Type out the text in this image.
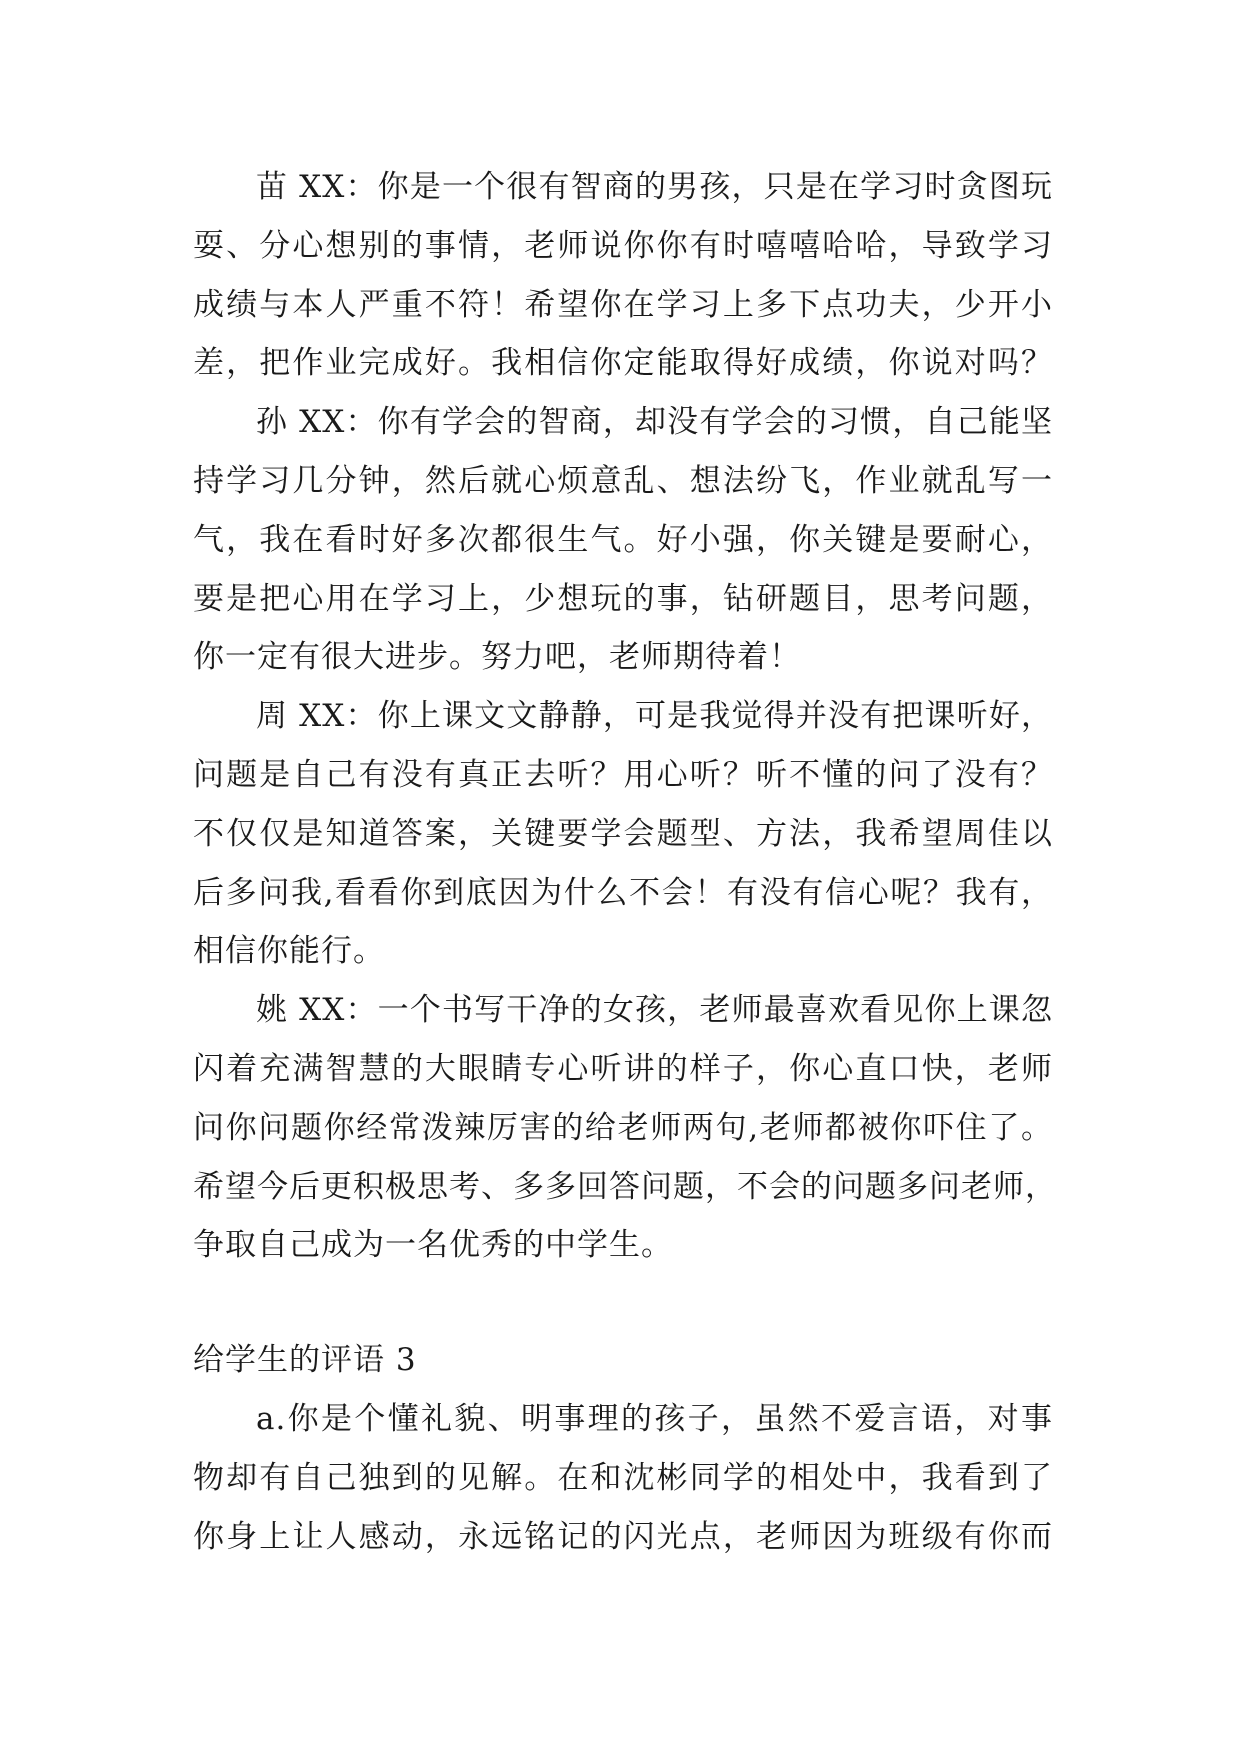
苗 XX：你是一个很有智商的男孩，只是在学习时贪图玩
耍、分心想别的事情，老师说你你有时嘻嘻哈哈，导致学习
成绩与本人严重不符！希望你在学习上多下点功夫，少开小
差，把作业完成好。我相信你定能取得好成绩，你说对吗？
孙 XX：你有学会的智商，却没有学会的习惯，自己能坚
持学习几分钟，然后就心烦意乱、想法纷飞，作业就乱写一
气，我在看时好多次都很生气。好小强，你关键是要耐心，
要是把心用在学习上，少想玩的事，钻研题目，思考问题，
你一定有很大进步。努力吧，老师期待着！
周 XX：你上课文文静静，可是我觉得并没有把课听好，
问题是自己有没有真正去听？用心听？听不懂的问了没有？
不仅仅是知道答案，关键要学会题型、方法，我希望周佳以
后多问我,看看你到底因为什么不会！有没有信心呢？我有，
相信你能行。
姚 XX：一个书写干净的女孩，老师最喜欢看见你上课忽
闪着充满智慧的大眼睛专心听讲的样子，你心直口快，老师
问你问题你经常泼辣厉害的给老师两句,老师都被你吓住了。
希望今后更积极思考、多多回答问题，不会的问题多问老师，
争取自己成为一名优秀的中学生。
给学生的评语 3
a.你是个懂礼貌、明事理的孩子，虽然不爱言语，对事
物却有自己独到的见解。在和沈彬同学的相处中，我看到了
你身上让人感动，永远铭记的闪光点，老师因为班级有你而
